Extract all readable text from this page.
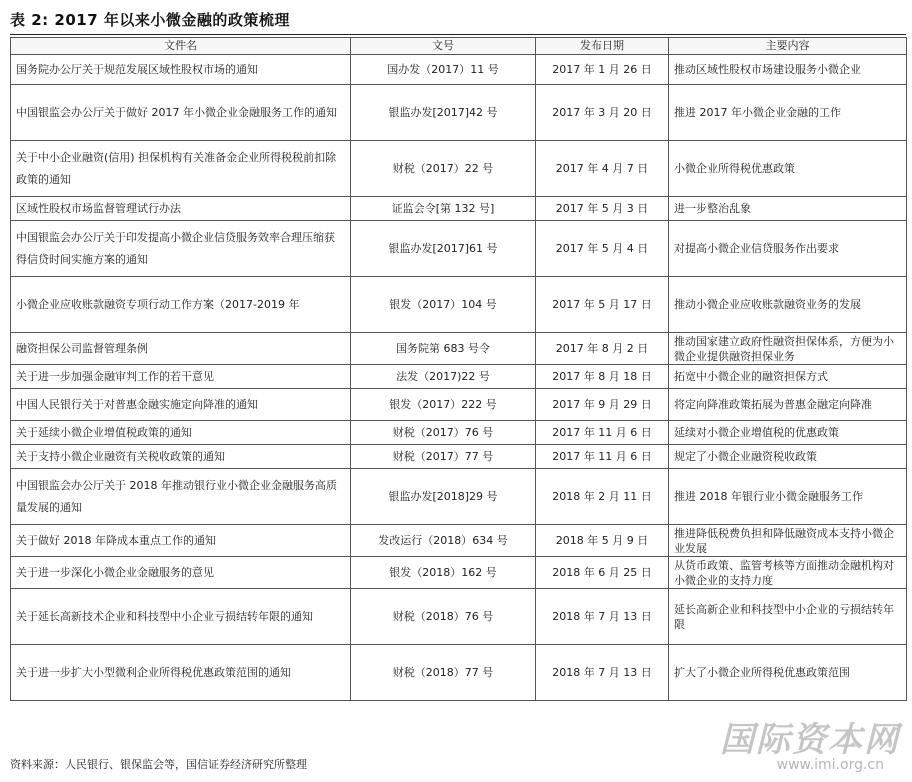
表 2: 2017 年以来小微金融的政策梳理
文件名	文号	发布日期	主要内容
国务院办公厅关于规范发展区域性股权市场的通知	国办发（2017）11 号	2017 年 1 月 26 日	推动区域性股权市场建设服务小微企业
中国银监会办公厅关于做好 2017 年小微企业金融服务工作的通知	银监办发[2017]42 号	2017 年 3 月 20 日	推进 2017 年小微企业金融的工作
关于中小企业融资(信用) 担保机构有关准备金企业所得税税前扣除政策的通知	财税（2017）22 号	2017 年 4 月 7 日	小微企业所得税优惠政策
区域性股权市场监督管理试行办法	证监会令[第 132 号]	2017 年 5 月 3 日	进一步整治乱象
中国银监会办公厅关于印发提高小微企业信贷服务效率合理压缩获得信贷时间实施方案的通知	银监办发[2017]61 号	2017 年 5 月 4 日	对提高小微企业信贷服务作出要求
小微企业应收账款融资专项行动工作方案（2017-2019 年	银发（2017）104 号	2017 年 5 月 17 日	推动小微企业应收账款融资业务的发展
融资担保公司监督管理条例	国务院第 683 号令	2017 年 8 月 2 日	推动国家建立政府性融资担保体系，方便为小微企业提供融资担保业务
关于进一步加强金融审判工作的若干意见	法发（2017)22 号	2017 年 8 月 18 日	拓宽中小微企业的融资担保方式
中国人民银行关于对普惠金融实施定向降准的通知	银发（2017）222 号	2017 年 9 月 29 日	将定向降准政策拓展为普惠金融定向降准
关于延续小微企业增值税政策的通知	财税（2017）76 号	2017 年 11 月 6 日	延续对小微企业增值税的优惠政策
关于支持小微企业融资有关税收政策的通知	财税（2017）77 号	2017 年 11 月 6 日	规定了小微企业融资税收政策
中国银监会办公厅关于 2018 年推动银行业小微企业金融服务高质量发展的通知	银监办发[2018]29 号	2018 年 2 月 11 日	推进 2018 年银行业小微金融服务工作
关于做好 2018 年降成本重点工作的通知	发改运行（2018）634 号	2018 年 5 月 9 日	推进降低税费负担和降低融资成本支持小微企业发展
关于进一步深化小微企业金融服务的意见	银发（2018）162 号	2018 年 6 月 25 日	从货币政策、监管考核等方面推动金融机构对小微企业的支持力度
关于延长高新技术企业和科技型中小企业亏损结转年限的通知	财税（2018）76 号	2018 年 7 月 13 日	延长高新企业和科技型中小企业的亏损结转年限
关于进一步扩大小型微利企业所得税优惠政策范围的通知	财税（2018）77 号	2018 年 7 月 13 日	扩大了小微企业所得税优惠政策范围
资料来源：人民银行、银保监会等，国信证券经济研究所整理
国际资本网
www.imi.org.cn
